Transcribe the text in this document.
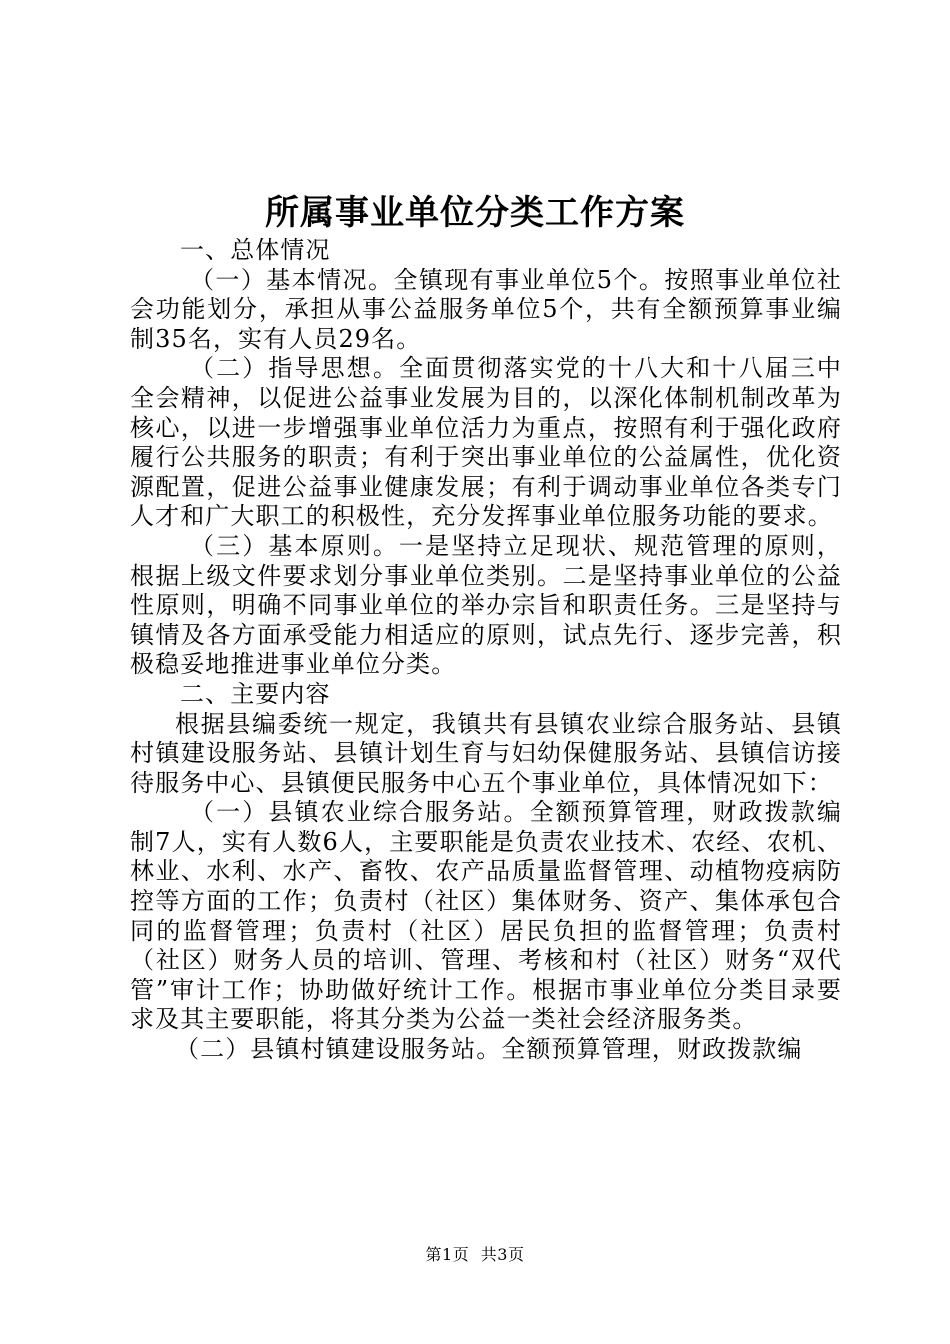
所属事业单位分类工作方案

一、总体情况

（一）基本情况。全镇现有事业单位5个。按照事业单位社会功能划分，承担从事公益服务单位5个，共有全额预算事业编制35名，实有人员29名。

（二）指导思想。全面贯彻落实党的十八大和十八届三中全会精神，以促进公益事业发展为目的，以深化体制机制改革为核心，以进一步增强事业单位活力为重点，按照有利于强化政府履行公共服务的职责；有利于突出事业单位的公益属性，优化资源配置，促进公益事业健康发展；有利于调动事业单位各类专门人才和广大职工的积极性，充分发挥事业单位服务功能的要求。

（三）基本原则。一是坚持立足现状、规范管理的原则，根据上级文件要求划分事业单位类别。二是坚持事业单位的公益性原则，明确不同事业单位的举办宗旨和职责任务。三是坚持与镇情及各方面承受能力相适应的原则，试点先行、逐步完善，积极稳妥地推进事业单位分类。

二、主要内容

根据县编委统一规定，我镇共有县镇农业综合服务站、县镇村镇建设服务站、县镇计划生育与妇幼保健服务站、县镇信访接待服务中心、县镇便民服务中心五个事业单位，具体情况如下：

（一）县镇农业综合服务站。全额预算管理，财政拨款编制7人，实有人数6人，主要职能是负责农业技术、农经、农机、林业、水利、水产、畜牧、农产品质量监督管理、动植物疫病防控等方面的工作；负责村（社区）集体财务、资产、集体承包合同的监督管理；负责村（社区）居民负担的监督管理；负责村（社区）财务人员的培训、管理、考核和村（社区）财务“双代管”审计工作；协助做好统计工作。根据市事业单位分类目录要求及其主要职能，将其分类为公益一类社会经济服务类。

（二）县镇村镇建设服务站。全额预算管理，财政拨款编

第1页 共3页
